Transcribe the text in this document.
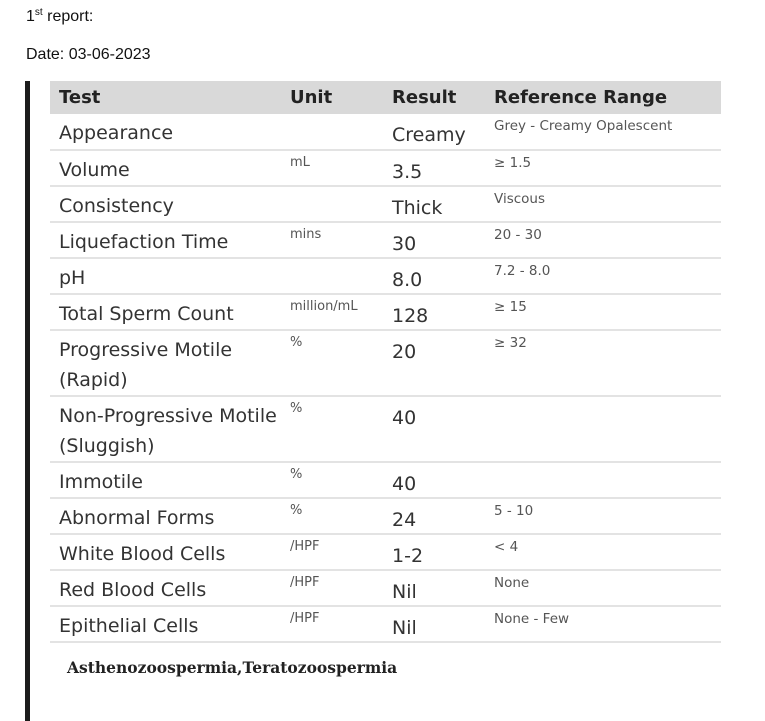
1st report:
Date: 03-06-2023
Test	Unit	Result	Reference Range
Appearance		Creamy	Grey - Creamy Opalescent
Volume	mL	3.5	≥ 1.5
Consistency		Thick	Viscous
Liquefaction Time	mins	30	20 - 30
pH		8.0	7.2 - 8.0
Total Sperm Count	million/mL	128	≥ 15
Progressive Motile (Rapid)	%	20	≥ 32
Non-Progressive Motile (Sluggish)	%	40	
Immotile	%	40	
Abnormal Forms	%	24	5 - 10
White Blood Cells	/HPF	1-2	< 4
Red Blood Cells	/HPF	Nil	None
Epithelial Cells	/HPF	Nil	None - Few
Asthenozoospermia,Teratozoospermia
